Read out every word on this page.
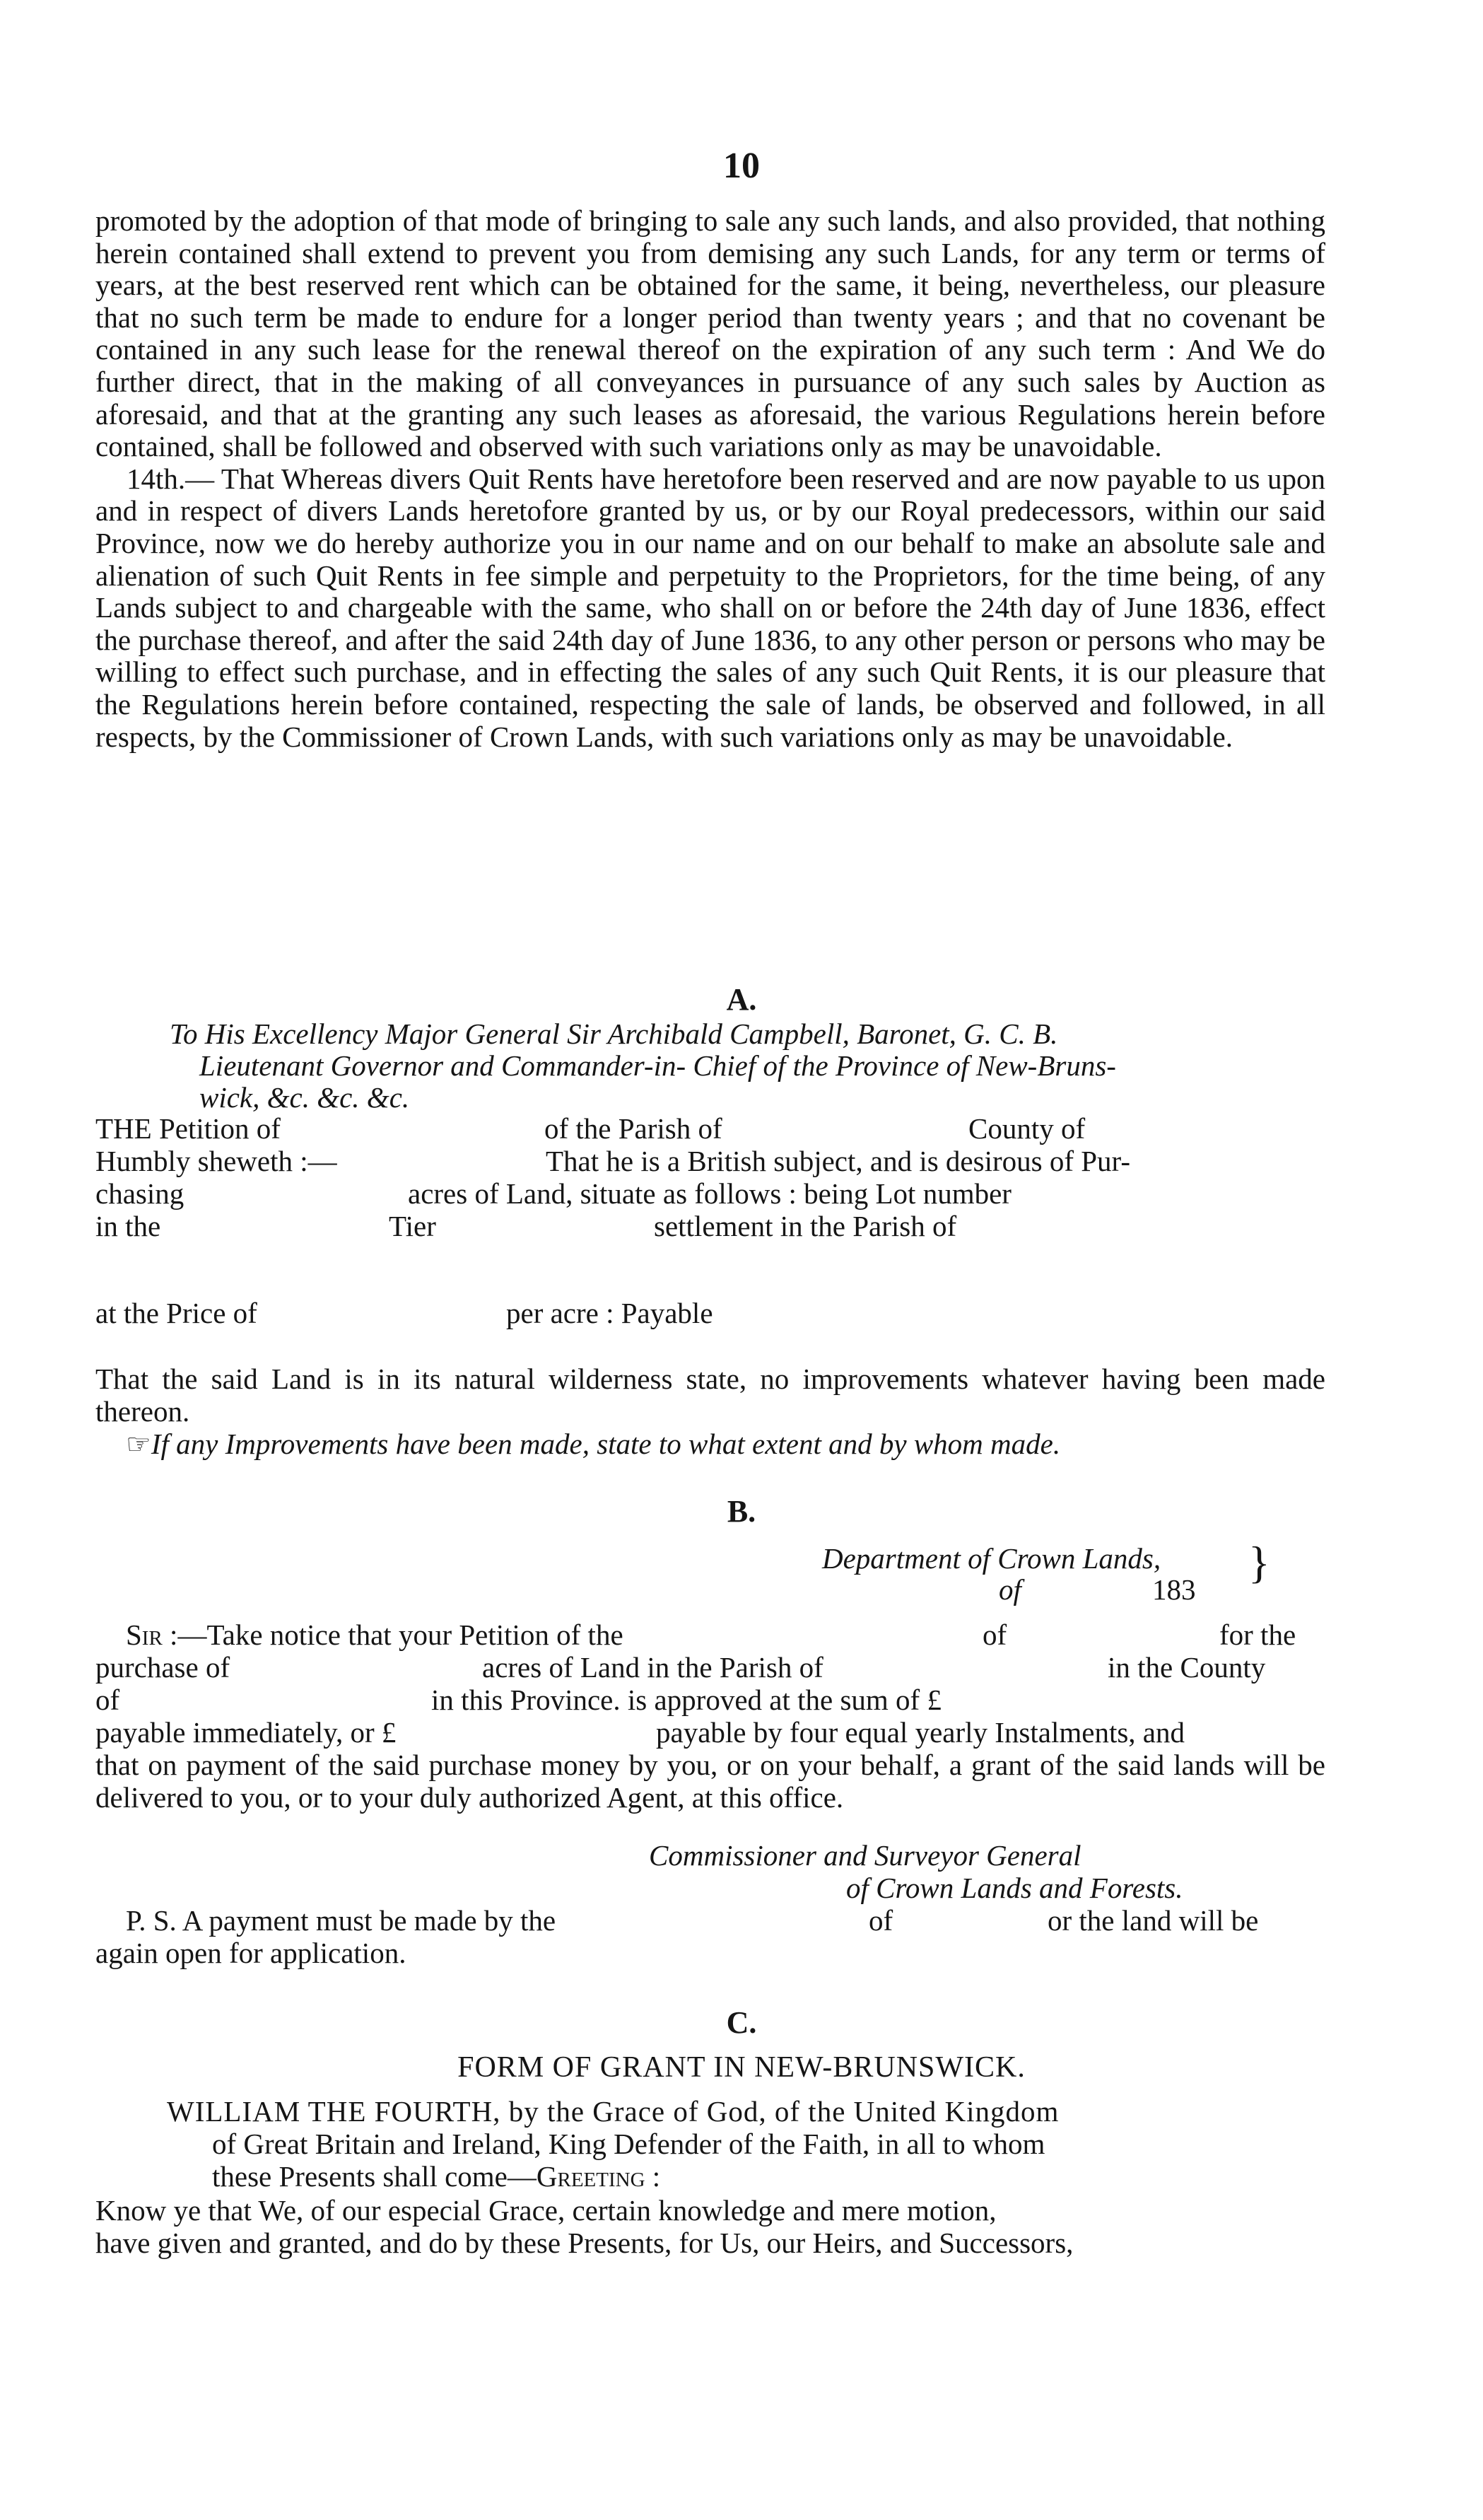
10

promoted by the adoption of that mode of bringing to sale any such lands, and also provided, that nothing herein contained shall extend to prevent you from demising any such Lands, for any term or terms of years, at the best reserved rent which can be obtained for the same, it being, nevertheless, our pleasure that no such term be made to endure for a longer period than twenty years ; and that no covenant be contained in any such lease for the renewal thereof on the expiration of any such term : And We do further direct, that in the making of all conveyances in pursuance of any such sales by Auction as aforesaid, and that at the granting any such leases as aforesaid, the various Regulations herein before contained, shall be followed and observed with such variations only as may be unavoidable.

14th.— That Whereas divers Quit Rents have heretofore been reserved and are now payable to us upon and in respect of divers Lands heretofore granted by us, or by our Royal predecessors, within our said Province, now we do hereby authorize you in our name and on our behalf to make an absolute sale and alienation of such Quit Rents in fee simple and perpetuity to the Proprietors, for the time being, of any Lands subject to and chargeable with the same, who shall on or before the 24th day of June 1836, effect the purchase thereof, and after the said 24th day of June 1836, to any other person or persons who may be willing to effect such purchase, and in effecting the sales of any such Quit Rents, it is our pleasure that the Regulations herein before contained, respecting the sale of lands, be observed and followed, in all respects, by the Commissioner of Crown Lands, with such variations only as may be unavoidable.

A.
To His Excellency Major General Sir Archibald Campbell, Baronet, G. C. B.
Lieutenant Governor and Commander-in- Chief of the Province of New-Bruns-
wick, &c. &c. &c.
THE Petition of	of the Parish of	County of
Humbly sheweth :—	That he is a British subject, and is desirous of Pur-
chasing	acres of Land, situate as follows : being Lot number
in the	Tier	settlement in the Parish of
at the Price of	per acre : Payable
That the said Land is in its natural wilderness state, no improvements whatever having been made thereon.
☞If any Improvements have been made, state to what extent and by whom made.
B.
Department of Crown Lands,
of	183
}
Sir :—Take notice that your Petition of the	of	for the
purchase of	acres of Land in the Parish of	in the County
of	in this Province. is approved at the sum of £
payable immediately, or £	payable by four equal yearly Instalments, and
that on payment of the said purchase money by you, or on your behalf, a grant of the said lands will be delivered to you, or to your duly authorized Agent, at this office.
Commissioner and Surveyor General
of Crown Lands and Forests.
P. S. A payment must be made by the	of	or the land will be
again open for application.
C.
FORM OF GRANT IN NEW-BRUNSWICK.
WILLIAM THE FOURTH, by the Grace of God, of the United Kingdom
of Great Britain and Ireland, King Defender of the Faith, in all to whom
these Presents shall come—Greeting :
Know ye that We, of our especial Grace, certain knowledge and mere motion,
have given and granted, and do by these Presents, for Us, our Heirs, and Successors,
